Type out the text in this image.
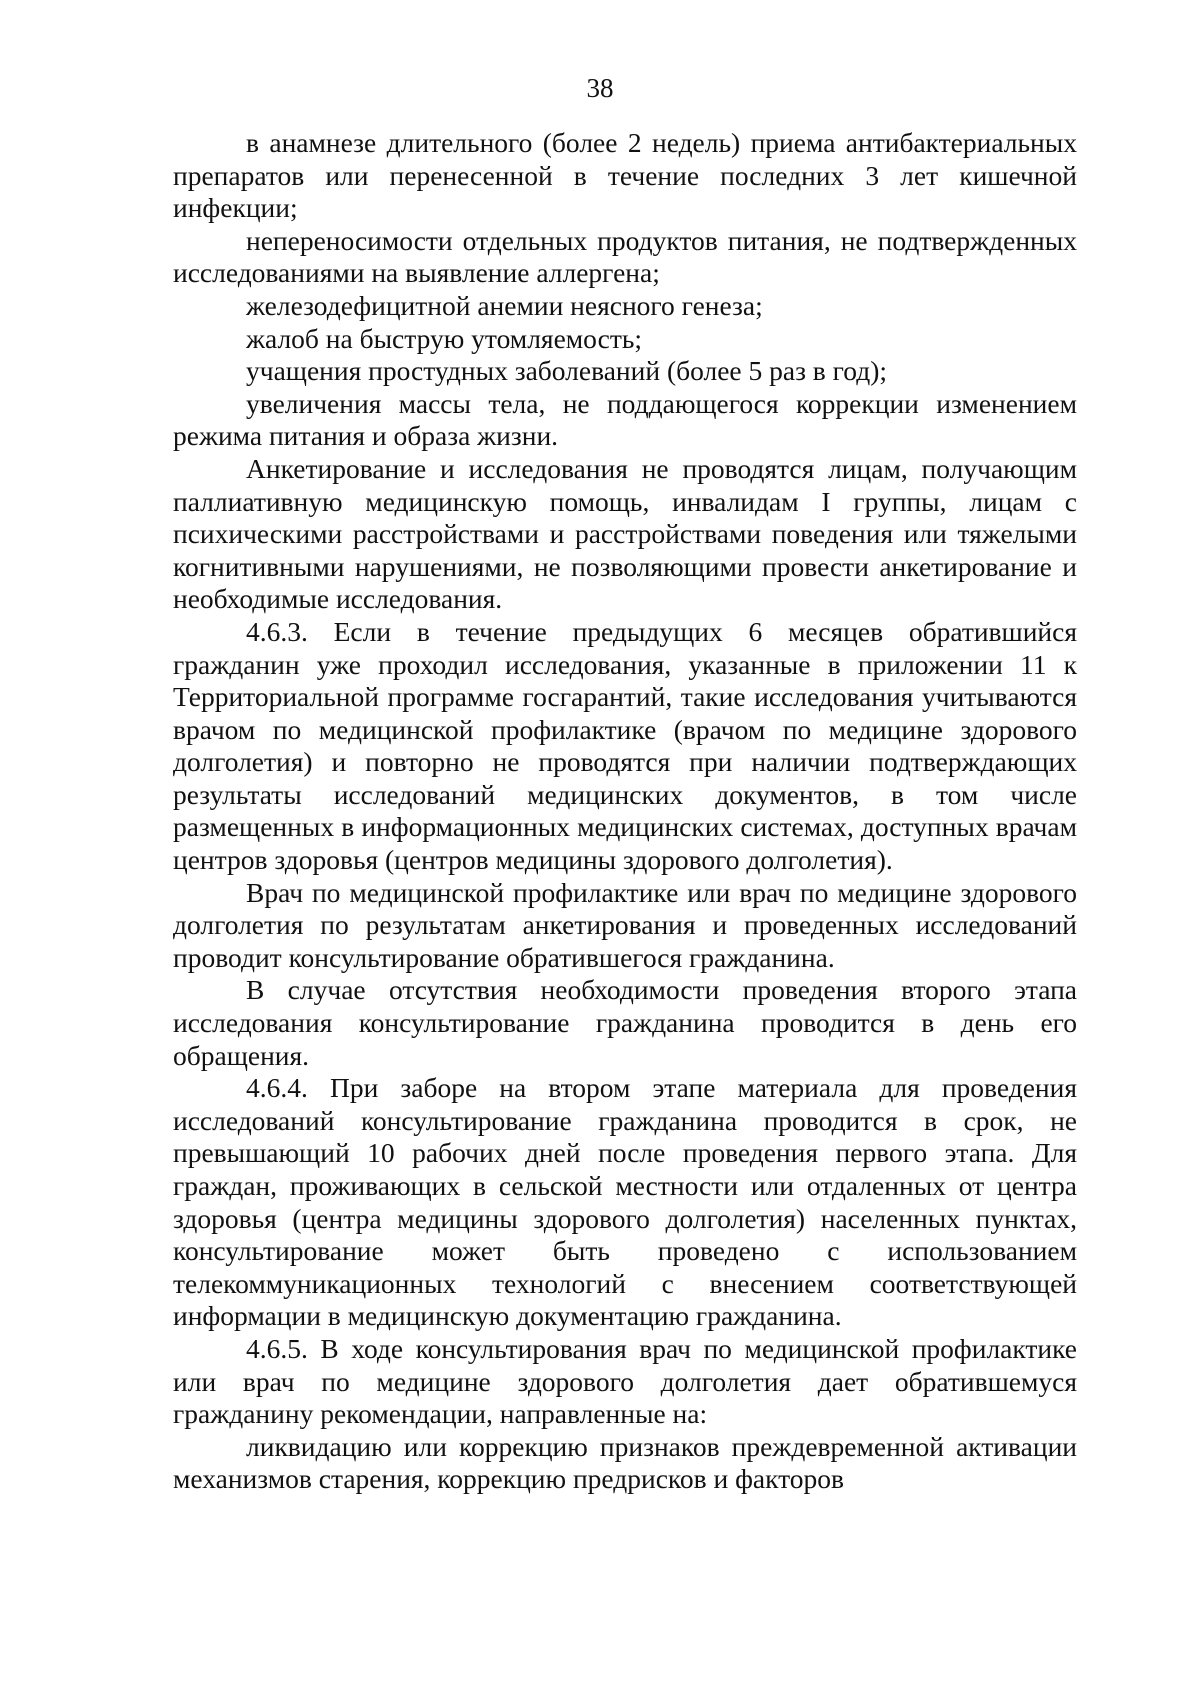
38

в анамнезе длительного (более 2 недель) приема антибактериальных препаратов или перенесенной в течение последних 3 лет кишечной инфекции;

непереносимости отдельных продуктов питания, не подтвержденных исследованиями на выявление аллергена;

железодефицитной анемии неясного генеза;

жалоб на быструю утомляемость;

учащения простудных заболеваний (более 5 раз в год);

увеличения массы тела, не поддающегося коррекции изменением режима питания и образа жизни.

Анкетирование и исследования не проводятся лицам, получающим паллиативную медицинскую помощь, инвалидам I группы, лицам с психическими расстройствами и расстройствами поведения или тяжелыми когнитивными нарушениями, не позволяющими провести анкетирование и необходимые исследования.

4.6.3. Если в течение предыдущих 6 месяцев обратившийся гражданин уже проходил исследования, указанные в приложении 11 к Территориальной программе госгарантий, такие исследования учитываются врачом по медицинской профилактике (врачом по медицине здорового долголетия) и повторно не проводятся при наличии подтверждающих результаты исследований медицинских документов, в том числе размещенных в информационных медицинских системах, доступных врачам центров здоровья (центров медицины здорового долголетия).

Врач по медицинской профилактике или врач по медицине здорового долголетия по результатам анкетирования и проведенных исследований проводит консультирование обратившегося гражданина.

В случае отсутствия необходимости проведения второго этапа исследования консультирование гражданина проводится в день его обращения.

4.6.4. При заборе на втором этапе материала для проведения исследований консультирование гражданина проводится в срок, не превышающий 10 рабочих дней после проведения первого этапа. Для граждан, проживающих в сельской местности или отдаленных от центра здоровья (центра медицины здорового долголетия) населенных пунктах, консультирование может быть проведено с использованием телекоммуникационных технологий с внесением соответствующей информации в медицинскую документацию гражданина.

4.6.5. В ходе консультирования врач по медицинской профилактике или врач по медицине здорового долголетия дает обратившемуся гражданину рекомендации, направленные на:

ликвидацию или коррекцию признаков преждевременной активации механизмов старения, коррекцию предрисков и факторов
